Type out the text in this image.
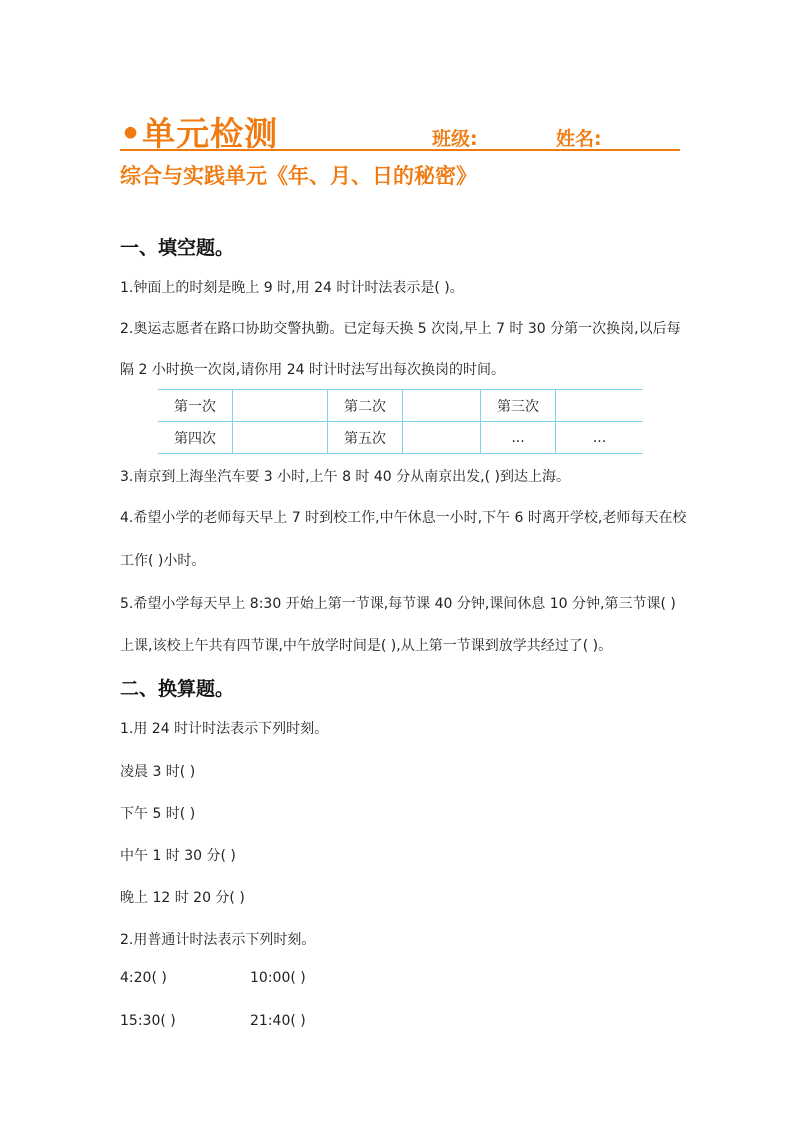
•单元检测	班级:	姓名:
综合与实践单元《年、月、日的秘密》
一、填空题。
1.钟面上的时刻是晚上 9 时,用 24 时计时法表示是( )。
2.奥运志愿者在路口协助交警执勤。已定每天换 5 次岗,早上 7 时 30 分第一次换岗,以后每
隔 2 小时换一次岗,请你用 24 时计时法写出每次换岗的时间。
第一次		第二次		第三次	
第四次		第五次		...	...
3.南京到上海坐汽车要 3 小时,上午 8 时 40 分从南京出发,( )到达上海。
4.希望小学的老师每天早上 7 时到校工作,中午休息一小时,下午 6 时离开学校,老师每天在校
工作( )小时。
5.希望小学每天早上 8:30 开始上第一节课,每节课 40 分钟,课间休息 10 分钟,第三节课( )
上课,该校上午共有四节课,中午放学时间是( ),从上第一节课到放学共经过了( )。
二、换算题。
1.用 24 时计时法表示下列时刻。
凌晨 3 时( )
下午 5 时( )
中午 1 时 30 分( )
晚上 12 时 20 分( )
2.用普通计时法表示下列时刻。
4:20( )	10:00( )
15:30( )	21:40( )
